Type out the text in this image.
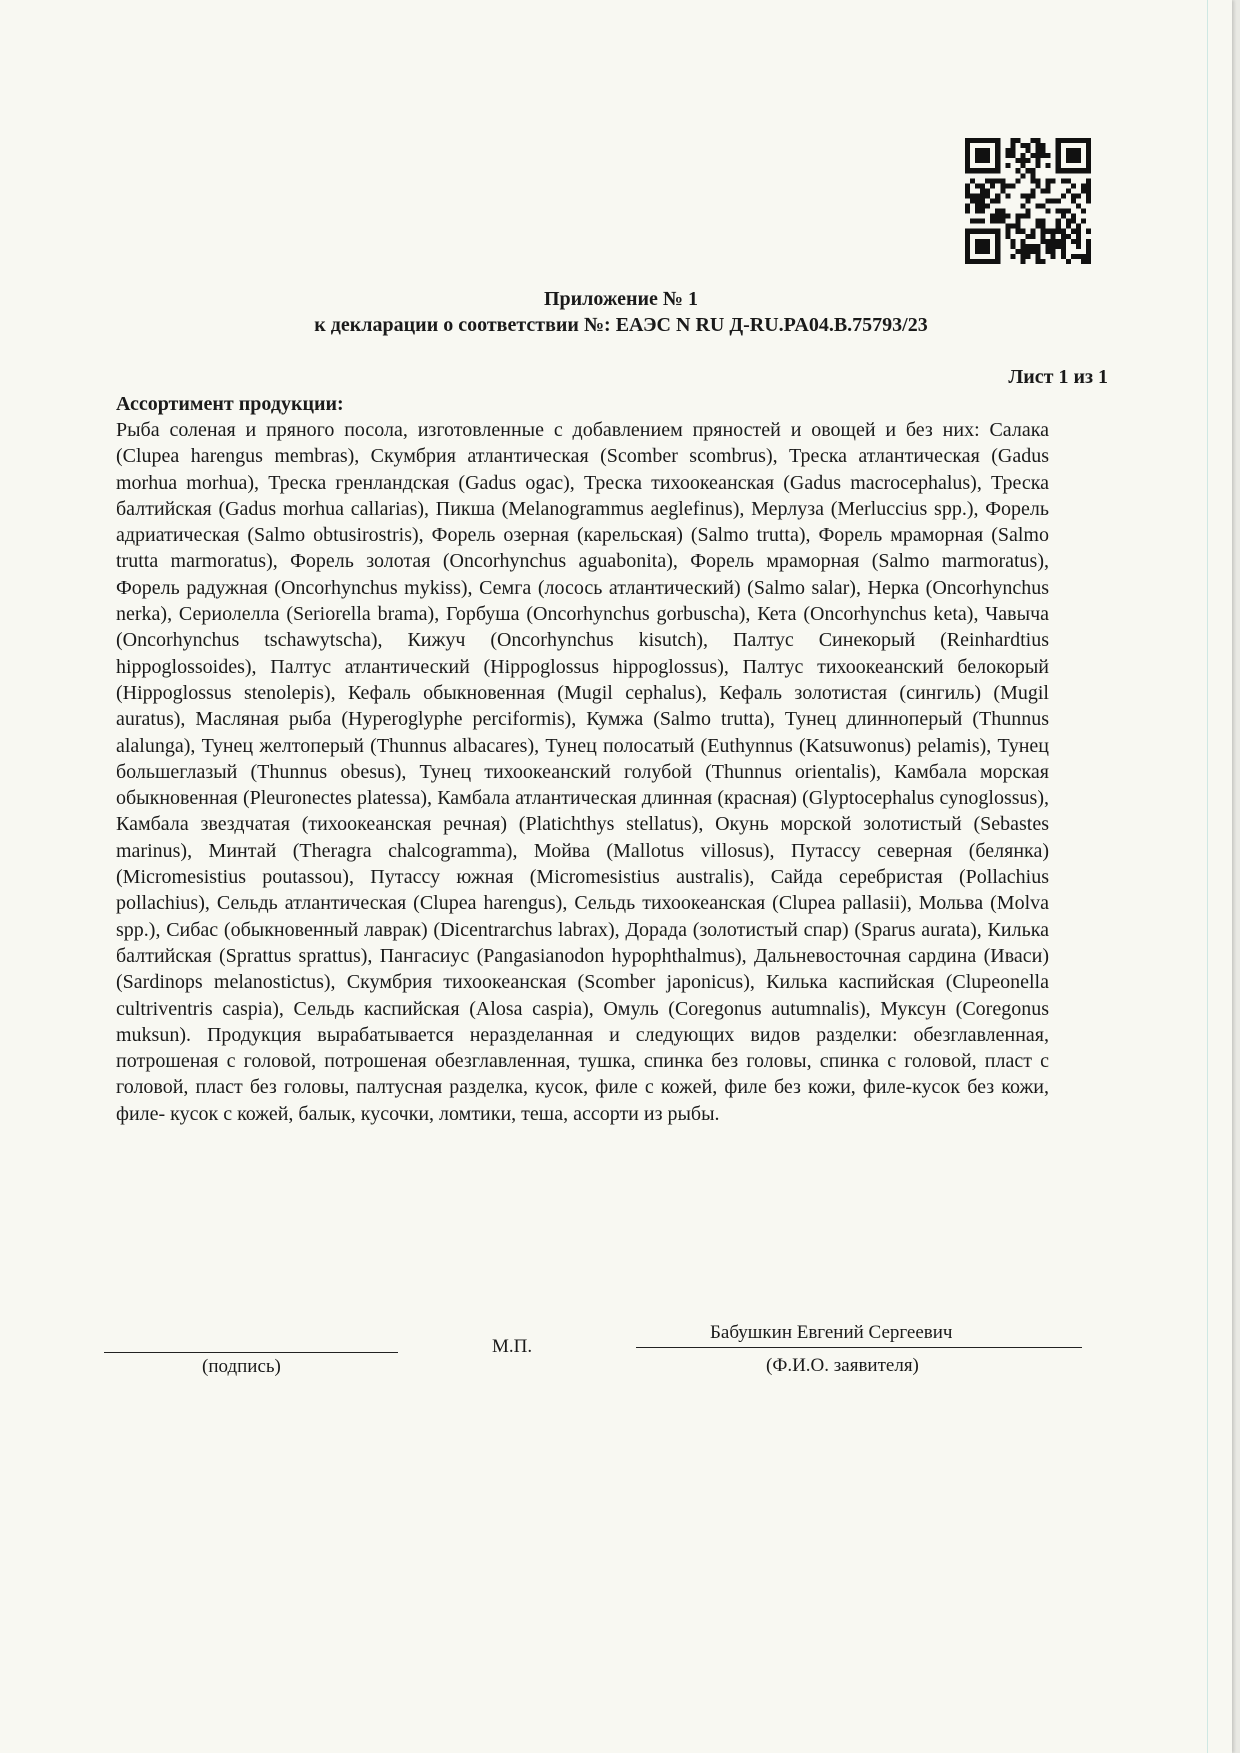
Приложение № 1
к декларации о соответствии №: ЕАЭС N RU Д-RU.PA04.B.75793/23
Лист 1 из 1
Ассортимент продукции:

Рыба соленая и пряного посола, изготовленные с добавлением пряностей и овощей и без них: Салака (Clupea harengus membras), Скумбрия атлантическая (Scomber scombrus), Треска атлантическая (Gadus morhua morhua), Треска гренландская (Gadus ogac), Треска тихоокеанская (Gadus macrocephalus), Треска балтийская (Gadus morhua callarias), Пикша (Melanogrammus aeglefinus), Мерлуза (Merluccius spp.), Форель адриатическая (Salmo obtusirostris), Форель озерная (карельская) (Salmo trutta), Форель мраморная (Salmo trutta marmoratus), Форель золотая (Oncorhynchus aguabonita), Форель мраморная (Salmo marmoratus), Форель радужная (Oncorhynchus mykiss), Семга (лосось атлантический) (Salmo salar), Нерка (Oncorhynchus nerka), Сериолелла (Seriorella brama), Горбуша (Oncorhynchus gorbuscha), Кета (Oncorhynchus keta), Чавыча (Oncorhynchus tschawytscha), Кижуч (Oncorhynchus kisutch), Палтус Синекорый (Reinhardtius hippoglossoides), Палтус атлантический (Hippoglossus hippoglossus), Палтус тихоокеанский белокорый (Hippoglossus stenolepis), Кефаль обыкновенная (Mugil cephalus), Кефаль золотистая (сингиль) (Mugil auratus), Масляная рыба (Hyperoglyphe perciformis), Кумжа (Salmo trutta), Тунец длинноперый (Thunnus alalunga), Тунец желтоперый (Thunnus albacares), Тунец полосатый (Euthynnus (Katsuwonus) pelamis), Тунец большеглазый (Thunnus obesus), Тунец тихоокеанский голубой (Thunnus orientalis), Камбала морская обыкновенная (Pleuronectes platessa), Камбала атлантическая длинная (красная) (Glyptocephalus cynoglossus), Камбала звездчатая (тихоокеанская речная) (Platichthys stellatus), Окунь морской золотистый (Sebastes marinus), Минтай (Theragra chalcogramma), Мойва (Mallotus villosus), Путассу северная (белянка) (Micromesistius poutassou), Путассу южная (Micromesistius australis), Сайда серебристая (Pollachius pollachius), Сельдь атлантическая (Clupea harengus), Сельдь тихоокеанская (Clupea pallasii), Мольва (Molva spp.), Сибас (обыкновенный лаврак) (Dicentrarchus labrax), Дорада (золотистый спар) (Sparus aurata), Килька балтийская (Sprattus sprattus), Пангасиус (Pangasianodon hypophthalmus), Дальневосточная сардина (Иваси) (Sardinops melanostictus), Скумбрия тихоокеанская (Scomber japonicus), Килька каспийская (Clupeonella cultriventris caspia), Сельдь каспийская (Alosa caspia), Омуль (Coregonus autumnalis), Муксун (Coregonus muksun). Продукция вырабатывается неразделанная и следующих видов разделки: обезглавленная, потрошеная с головой, потрошеная обезглавленная, тушка, спинка без головы, спинка с головой, пласт с головой, пласт без головы, палтусная разделка, кусок, филе с кожей, филе без кожи, филе-кусок без кожи, филе- кусок с кожей, балык, кусочки, ломтики, теша, ассорти из рыбы.

(подпись)
М.П.
Бабушкин Евгений Сергеевич
(Ф.И.О. заявителя)
